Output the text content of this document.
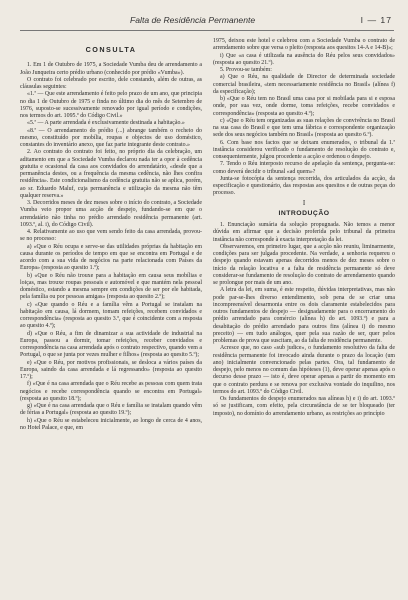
Falta de Residência Permanente	I — 17
CONSULTA

1. Em 1 de Outubro de 1975, a Sociedade Vumba deu de arrendamento a João Junqueira certo prédio urbano (conhecido por prédio «Vumba»).

O contrato foi celebrado por escrito, dele constando, além de outras, as cláusulas seguintes:

«1.ª — Que este arrendamento é feito pelo prazo de um ano, que principia no dia 1 de Outubro de 1975 e finda no último dia do mês de Setembro de 1976, suposto-se sucessivamente renovado por igual período e condições, nos termos do art. 1095.º do Código Civil.»

«5.ª — A parte arrendada é exclusivamente destinada a habitação.»

«8.ª — O arrendamento do prédio (...) abrange também o recheio do mesmo, constituído por mobília, roupas e objectos de uso doméstico, constantes do inventário anexo, que faz parte integrante deste contrato.»

2. Ao contrato do contrato foi feito, no próprio dia da celebração, um aditamento em que a Sociedade Vumba declarou nada ter a opor à cedência gratuita e ocasional da casa aos convidados do arrendatário, «desde que a permanência destes, ou a frequência da mesma cedência, não lhes confira residência». Este condicionalismo da cedência gratuita não se aplica, porém, ao sr. Eduardo Maluf, cuja permanência e utilização da mesma não têm qualquer reserva.»

3. Decorridos meses de dez meses sobre o início do contrato, a Sociedade Vumba veio propor uma acção de despejo, fundando-se em que o arrendatário não tinha no prédio arrendado residência permanente (art. 1093.º, al. i), do Código Civil).

4. Relativamente ao uso que vem sendo feito da casa arrendada, provou-se no processo:

a) «Que o Réu ocupa e serve-se das utilidades próprias da habitação em causa durante os períodos de tempo em que se encontra em Portugal e de acordo com a sua vida de negócios na parte relacionada com Países da Europa» (resposta ao quesito 1.º);

b) «Que o Réu não trouxe para a habitação em causa seus mobílias e loiças, mas trouxe roupas pessoais e automóvel e que mantém nela pessoal doméstico, estando a mesma sempre em condições de ser por ele habitada, pela família ou por pessoas amigas» (resposta ao quesito 2.º);

c) «Que quando o Réu e a família vêm a Portugal se instalam na habitação em causa, lá dormem, tomam refeições, recebem convidados e correspondência» (resposta ao quesito 3.º, que é coincidente com a resposta ao quesito 4.º);

d) «Que o Réu, a fim de dinamizar a sua actividade de industrial na Europa, passou a dormir, tomar refeições, receber convidados e correspondência na casa arrendada após o contrato respectivo, quando vem a Portugal, o que se junta por vezes mulher e filhos» (resposta ao quesito 5.º);

e) «Que o Réu, por motivos profissionais, se desloca a vários países da Europa, saindo da casa arrendada e lá regressando» (resposta ao quesito 17.º);

f) «Que é na casa arrendada que o Réu recebe as pessoas com quem trata negócios e recebe correspondência quando se encontra em Portugal» (resposta ao quesito 18.º);

g) «Que é na casa arrendada que o Réu e família se instalam quando vêm de férias a Portugal» (resposta ao quesito 19.º);

h) «Que o Réu se estabeleceu inicialmente, ao longo de cerca de 4 anos, no Hotel Palace, e que, em

1975, deixou este hotel e celebrou com a Sociedade Vumba o contrato de arrendamento sobre que versa o pleito (resposta aos quesitos 14-A e 14-B)»;

i) Que «a casa é utilizada na ausência do Réu pelos seus convidados» (resposta ao quesito 21.º).

5. Provou-se também:

a) Que o Réu, na qualidade de Director de determinada sociedade comercial brasileira, «tem necessariamente residência no Brasil» (alínea f) da especificação);

b) «Que o Réu tem no Brasil uma casa por si mobilada para si e esposa onde, por sua vez, onde dorme, toma refeições, recebe convidados e correspondência» (resposta ao quesito 4.º);

c) «Que o Réu tem organizadas as suas relações de convivência no Brasil na sua casa do Brasil e que tem uma fábrica e correspondente organização sede dos seus negócios também no Brasil» (resposta ao quesito 6.º).

6. Com base nos factos que se deixam enumerados, o tribunal da 1.ª instância considerou verificado o fundamento de resolução do contrato e, consequentemente, julgou procedente a acção e ordenou o despejo.

7. Tendo o Réu interposto recurso de apelação da sentença, pergunta-se: como deverá decidir o tribunal «ad quem»?

Junta-se fotocópia da sentença recorrida, dos articulados da acção, da especificação e questionário, das respostas aos quesitos e de outras peças do processo.

I
INTRODUÇÃO

1. Enunciação sumária da solução propugnada. Não temos a menor dúvida em afirmar que a decisão proferida pelo tribunal da primeira instância não corresponde à exacta interpretação da lei.

Observaremos, em primeiro lugar, que a acção não reuniu, liminarmente, condições para ser julgada procedente. Na verdade, a senhoria requereu o despejo quando estavam apenas decorridos menos de dez meses sobre o início da relação locativa e a falta de residência permanente só deve considerar-se fundamento de resolução do contrato de arrendamento quando se prolongue por mais de um ano.

A letra da lei, em suma, é este respeito, dúvidas interpretativas, mas não pode par-se-lhes diverso entendimento, sob pena de se criar uma incompreensível desarmonia entre os dois claramente estabelecidos para outros fundamentos de despejo — designadamente para o encerramento do prédio arrendado para comércio (alínea h) do art. 1093.º) e para a desabitação do prédio arrendado para outros fins (alínea i) do mesmo preceito) — em tudo análogos, quer pela sua razão de ser, quer pelos problemas de prova que suscitam, ao da falta de residência permanente.

Acresce que, no caso «sub judice», o fundamento resolutivo da falta de residência permanente foi invocado ainda durante o prazo da locação (um ano) inicialmente convencionado pelas partes. Ora, tal fundamento de despejo, pelo menos no comum das hipóteses (1), deve operar apenas após o decurso desse prazo — isto é, deve operar apenas a partir do momento em que o contrato perdura e se renova por exclusiva vontade do inquilino, nos termos do art. 1093.º do Código Civil.

Os fundamentos do despejo enumerados nas alíneas h) e i) do art. 1093.º só se justificam, com efeito, pela circunstância de se ter bloqueado (ter imposto), no domínio do arrendamento urbano, as restrições ao princípio
